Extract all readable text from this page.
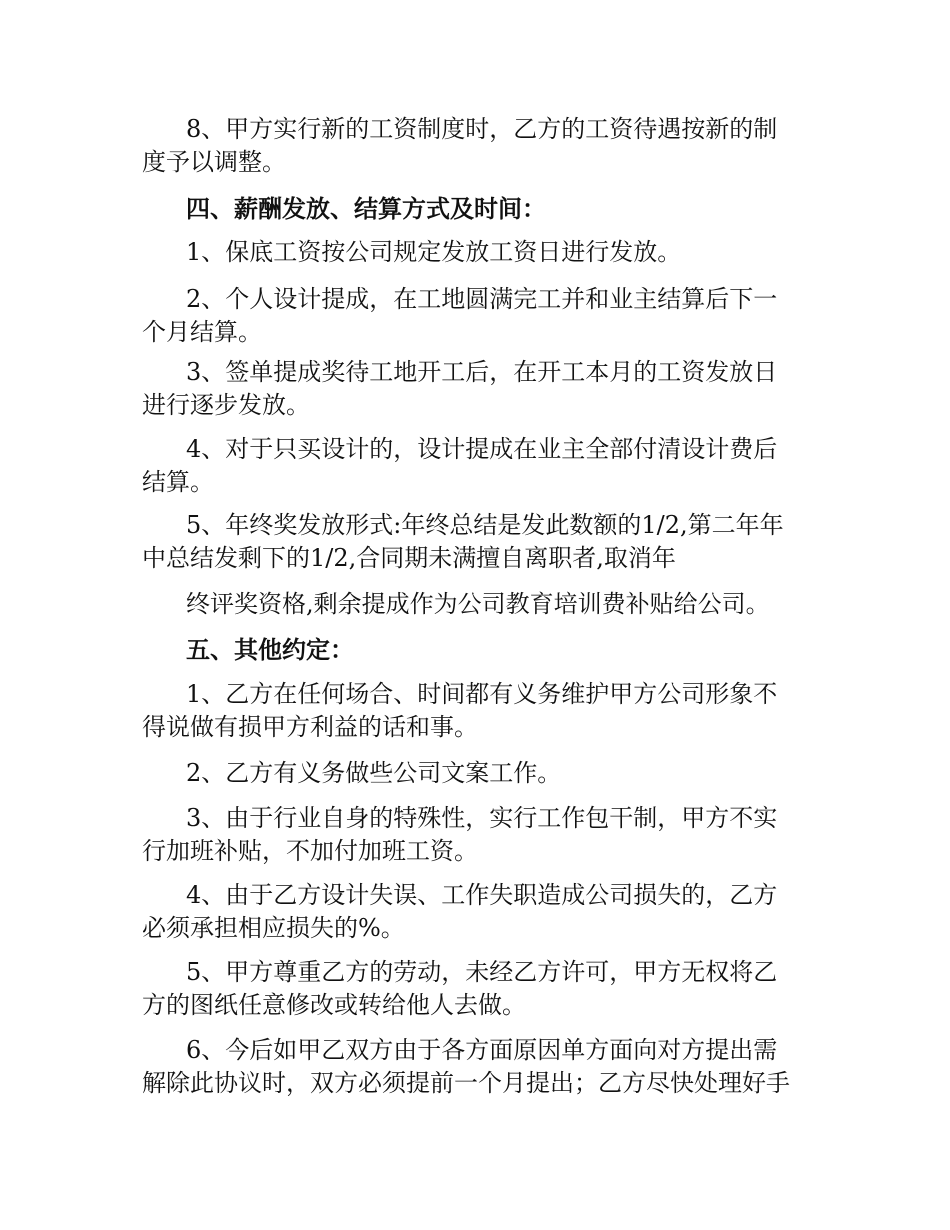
8、甲方实行新的工资制度时，乙方的工资待遇按新的制
度予以调整。
四、薪酬发放、结算方式及时间：
1、保底工资按公司规定发放工资日进行发放。
2、个人设计提成，在工地圆满完工并和业主结算后下一
个月结算。
3、签单提成奖待工地开工后，在开工本月的工资发放日
进行逐步发放。
4、对于只买设计的，设计提成在业主全部付清设计费后
结算。
5、年终奖发放形式:年终总结是发此数额的1/2,第二年年
中总结发剩下的1/2,合同期未满擅自离职者,取消年
终评奖资格,剩余提成作为公司教育培训费补贴给公司。
五、其他约定：
1、乙方在任何场合、时间都有义务维护甲方公司形象不
得说做有损甲方利益的话和事。
2、乙方有义务做些公司文案工作。
3、由于行业自身的特殊性，实行工作包干制，甲方不实
行加班补贴，不加付加班工资。
4、由于乙方设计失误、工作失职造成公司损失的，乙方
必须承担相应损失的%。
5、甲方尊重乙方的劳动，未经乙方许可，甲方无权将乙
方的图纸任意修改或转给他人去做。
6、今后如甲乙双方由于各方面原因单方面向对方提出需
解除此协议时，双方必须提前一个月提出；乙方尽快处理好手
